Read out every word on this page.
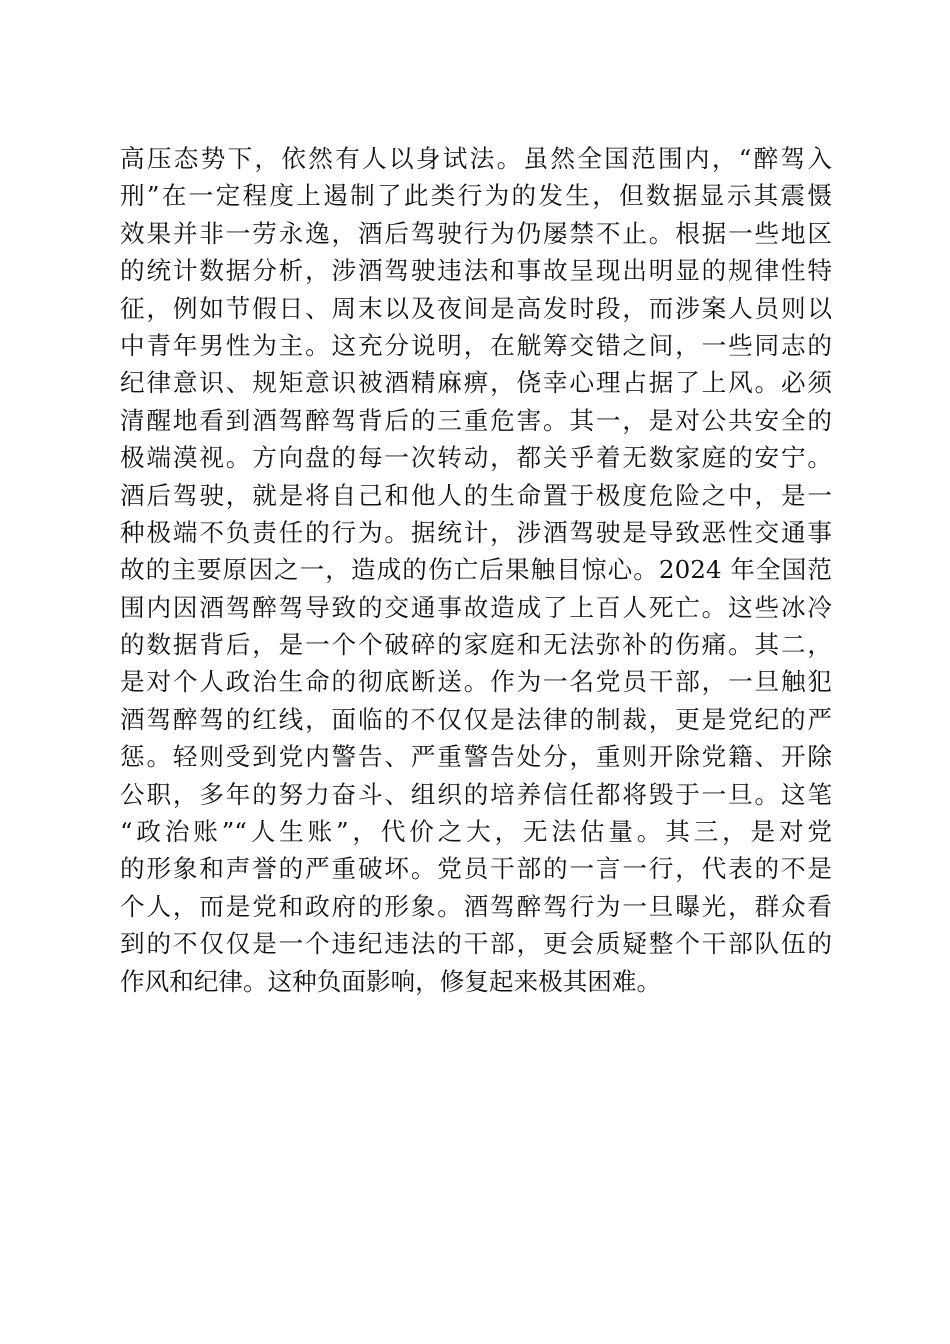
高压态势下，依然有人以身试法。虽然全国范围内，“醉驾入
刑”在一定程度上遏制了此类行为的发生，但数据显示其震慑
效果并非一劳永逸，酒后驾驶行为仍屡禁不止。根据一些地区
的统计数据分析，涉酒驾驶违法和事故呈现出明显的规律性特
征，例如节假日、周末以及夜间是高发时段，而涉案人员则以
中青年男性为主。这充分说明，在觥筹交错之间，一些同志的
纪律意识、规矩意识被酒精麻痹，侥幸心理占据了上风。必须
清醒地看到酒驾醉驾背后的三重危害。其一，是对公共安全的
极端漠视。方向盘的每一次转动，都关乎着无数家庭的安宁。
酒后驾驶，就是将自己和他人的生命置于极度危险之中，是一
种极端不负责任的行为。据统计，涉酒驾驶是导致恶性交通事
故的主要原因之一，造成的伤亡后果触目惊心。2024 年全国范
围内因酒驾醉驾导致的交通事故造成了上百人死亡。这些冰冷
的数据背后，是一个个破碎的家庭和无法弥补的伤痛。其二，
是对个人政治生命的彻底断送。作为一名党员干部，一旦触犯
酒驾醉驾的红线，面临的不仅仅是法律的制裁，更是党纪的严
惩。轻则受到党内警告、严重警告处分，重则开除党籍、开除
公职，多年的努力奋斗、组织的培养信任都将毁于一旦。这笔
“政治账”“人生账”，代价之大，无法估量。其三，是对党
的形象和声誉的严重破坏。党员干部的一言一行，代表的不是
个人，而是党和政府的形象。酒驾醉驾行为一旦曝光，群众看
到的不仅仅是一个违纪违法的干部，更会质疑整个干部队伍的
作风和纪律。这种负面影响，修复起来极其困难。
